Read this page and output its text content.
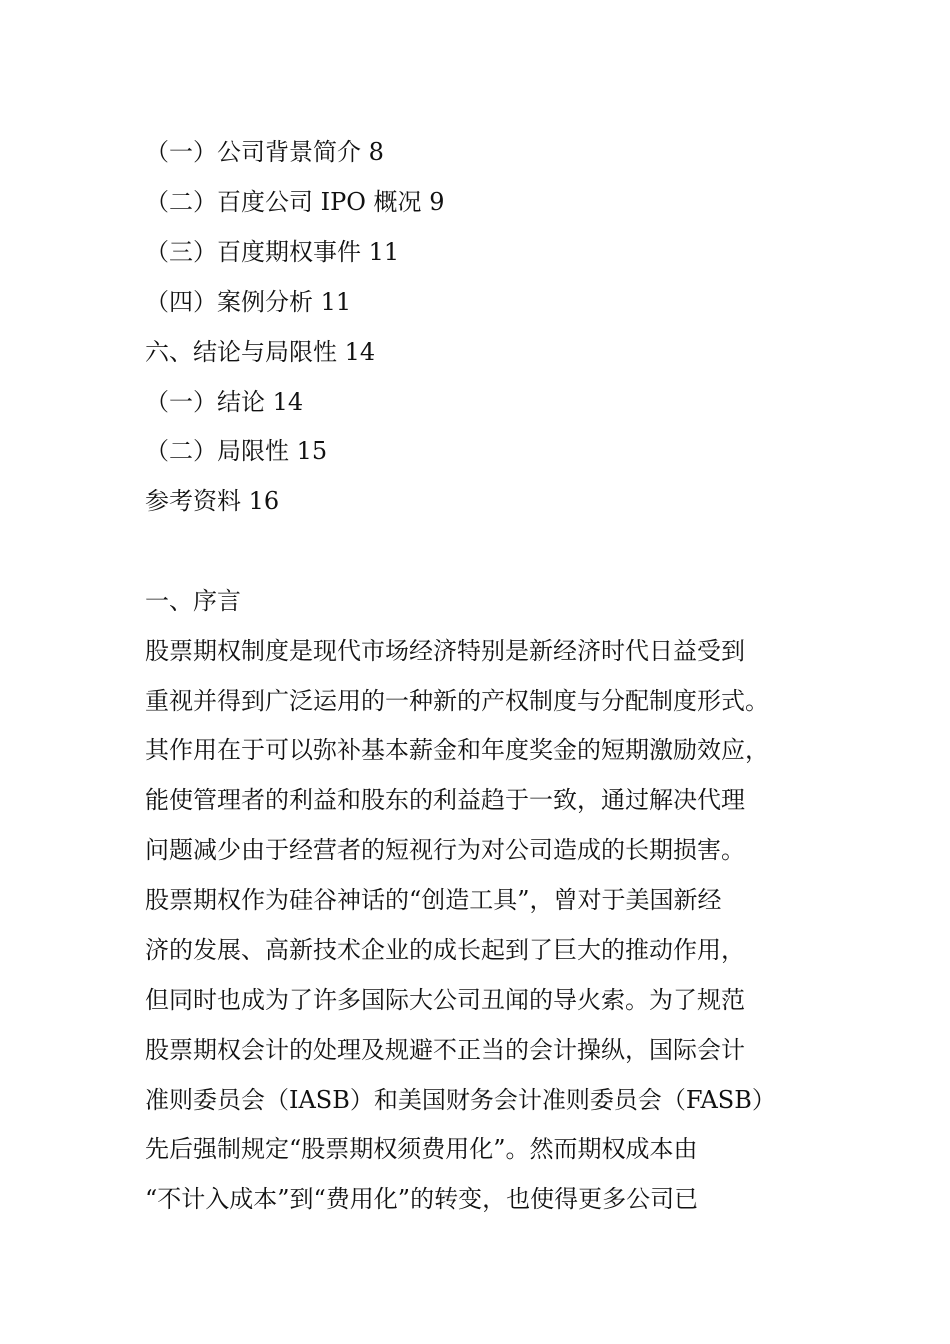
（一）公司背景简介 8
（二）百度公司 IPO 概况 9
（三）百度期权事件 11
（四）案例分析 11
六、结论与局限性 14
（一）结论 14
（二）局限性 15
参考资料 16
一、序言
股票期权制度是现代市场经济特别是新经济时代日益受到
重视并得到广泛运用的一种新的产权制度与分配制度形式。
其作用在于可以弥补基本薪金和年度奖金的短期激励效应，
能使管理者的利益和股东的利益趋于一致，通过解决代理
问题减少由于经营者的短视行为对公司造成的长期损害。
股票期权作为硅谷神话的“创造工具”，曾对于美国新经
济的发展、高新技术企业的成长起到了巨大的推动作用，
但同时也成为了许多国际大公司丑闻的导火索。为了规范
股票期权会计的处理及规避不正当的会计操纵，国际会计
准则委员会（IASB）和美国财务会计准则委员会（FASB）
先后强制规定“股票期权须费用化”。然而期权成本由
“不计入成本”到“费用化”的转变，也使得更多公司已
